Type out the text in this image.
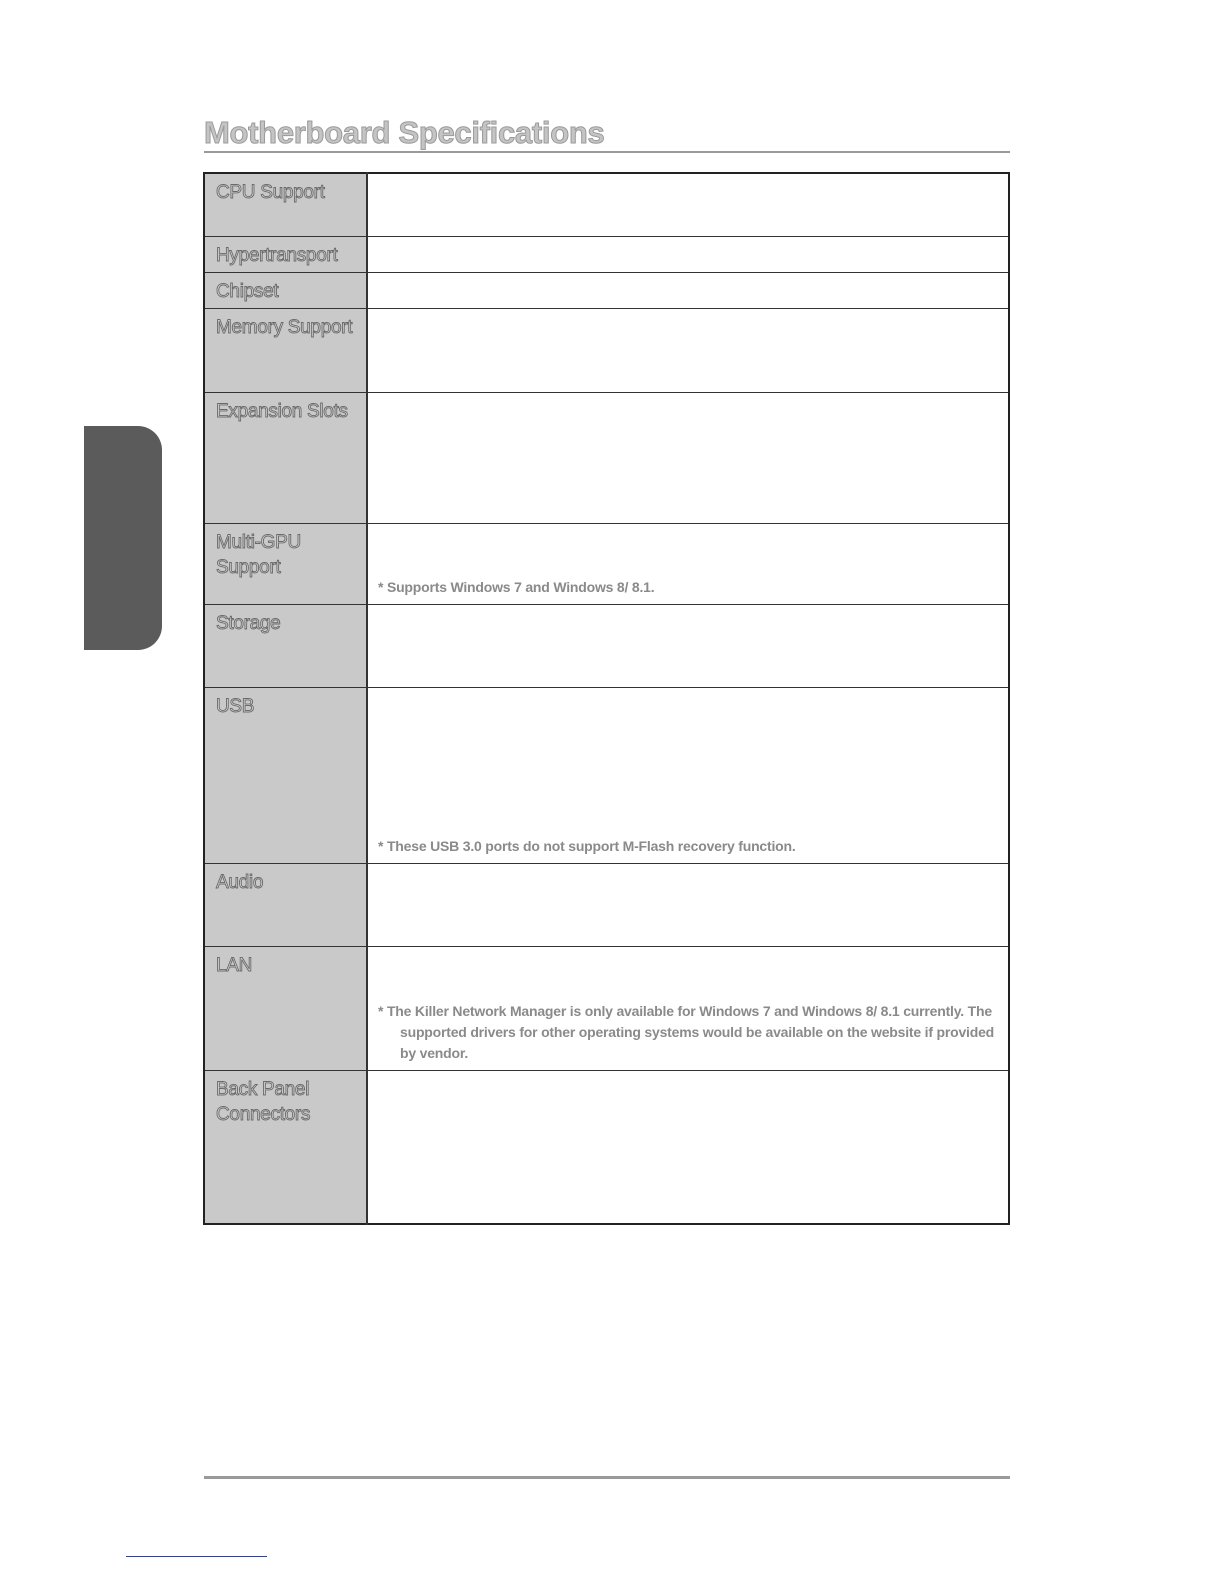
Motherboard Specifications
CPU Support	
Hypertransport	
Chipset	
Memory Support	
Expansion Slots	
Multi-GPU Support	* Supports Windows 7 and Windows 8/ 8.1.

Storage	
USB	* These USB 3.0 ports do not support M-Flash recovery function.

Audio	
LAN	* The Killer Network Manager is only available for Windows 7 and Windows 8/ 8.1 currently. The supported drivers for other operating systems would be available on the website if provided by vendor.

Back Panel Connectors	
